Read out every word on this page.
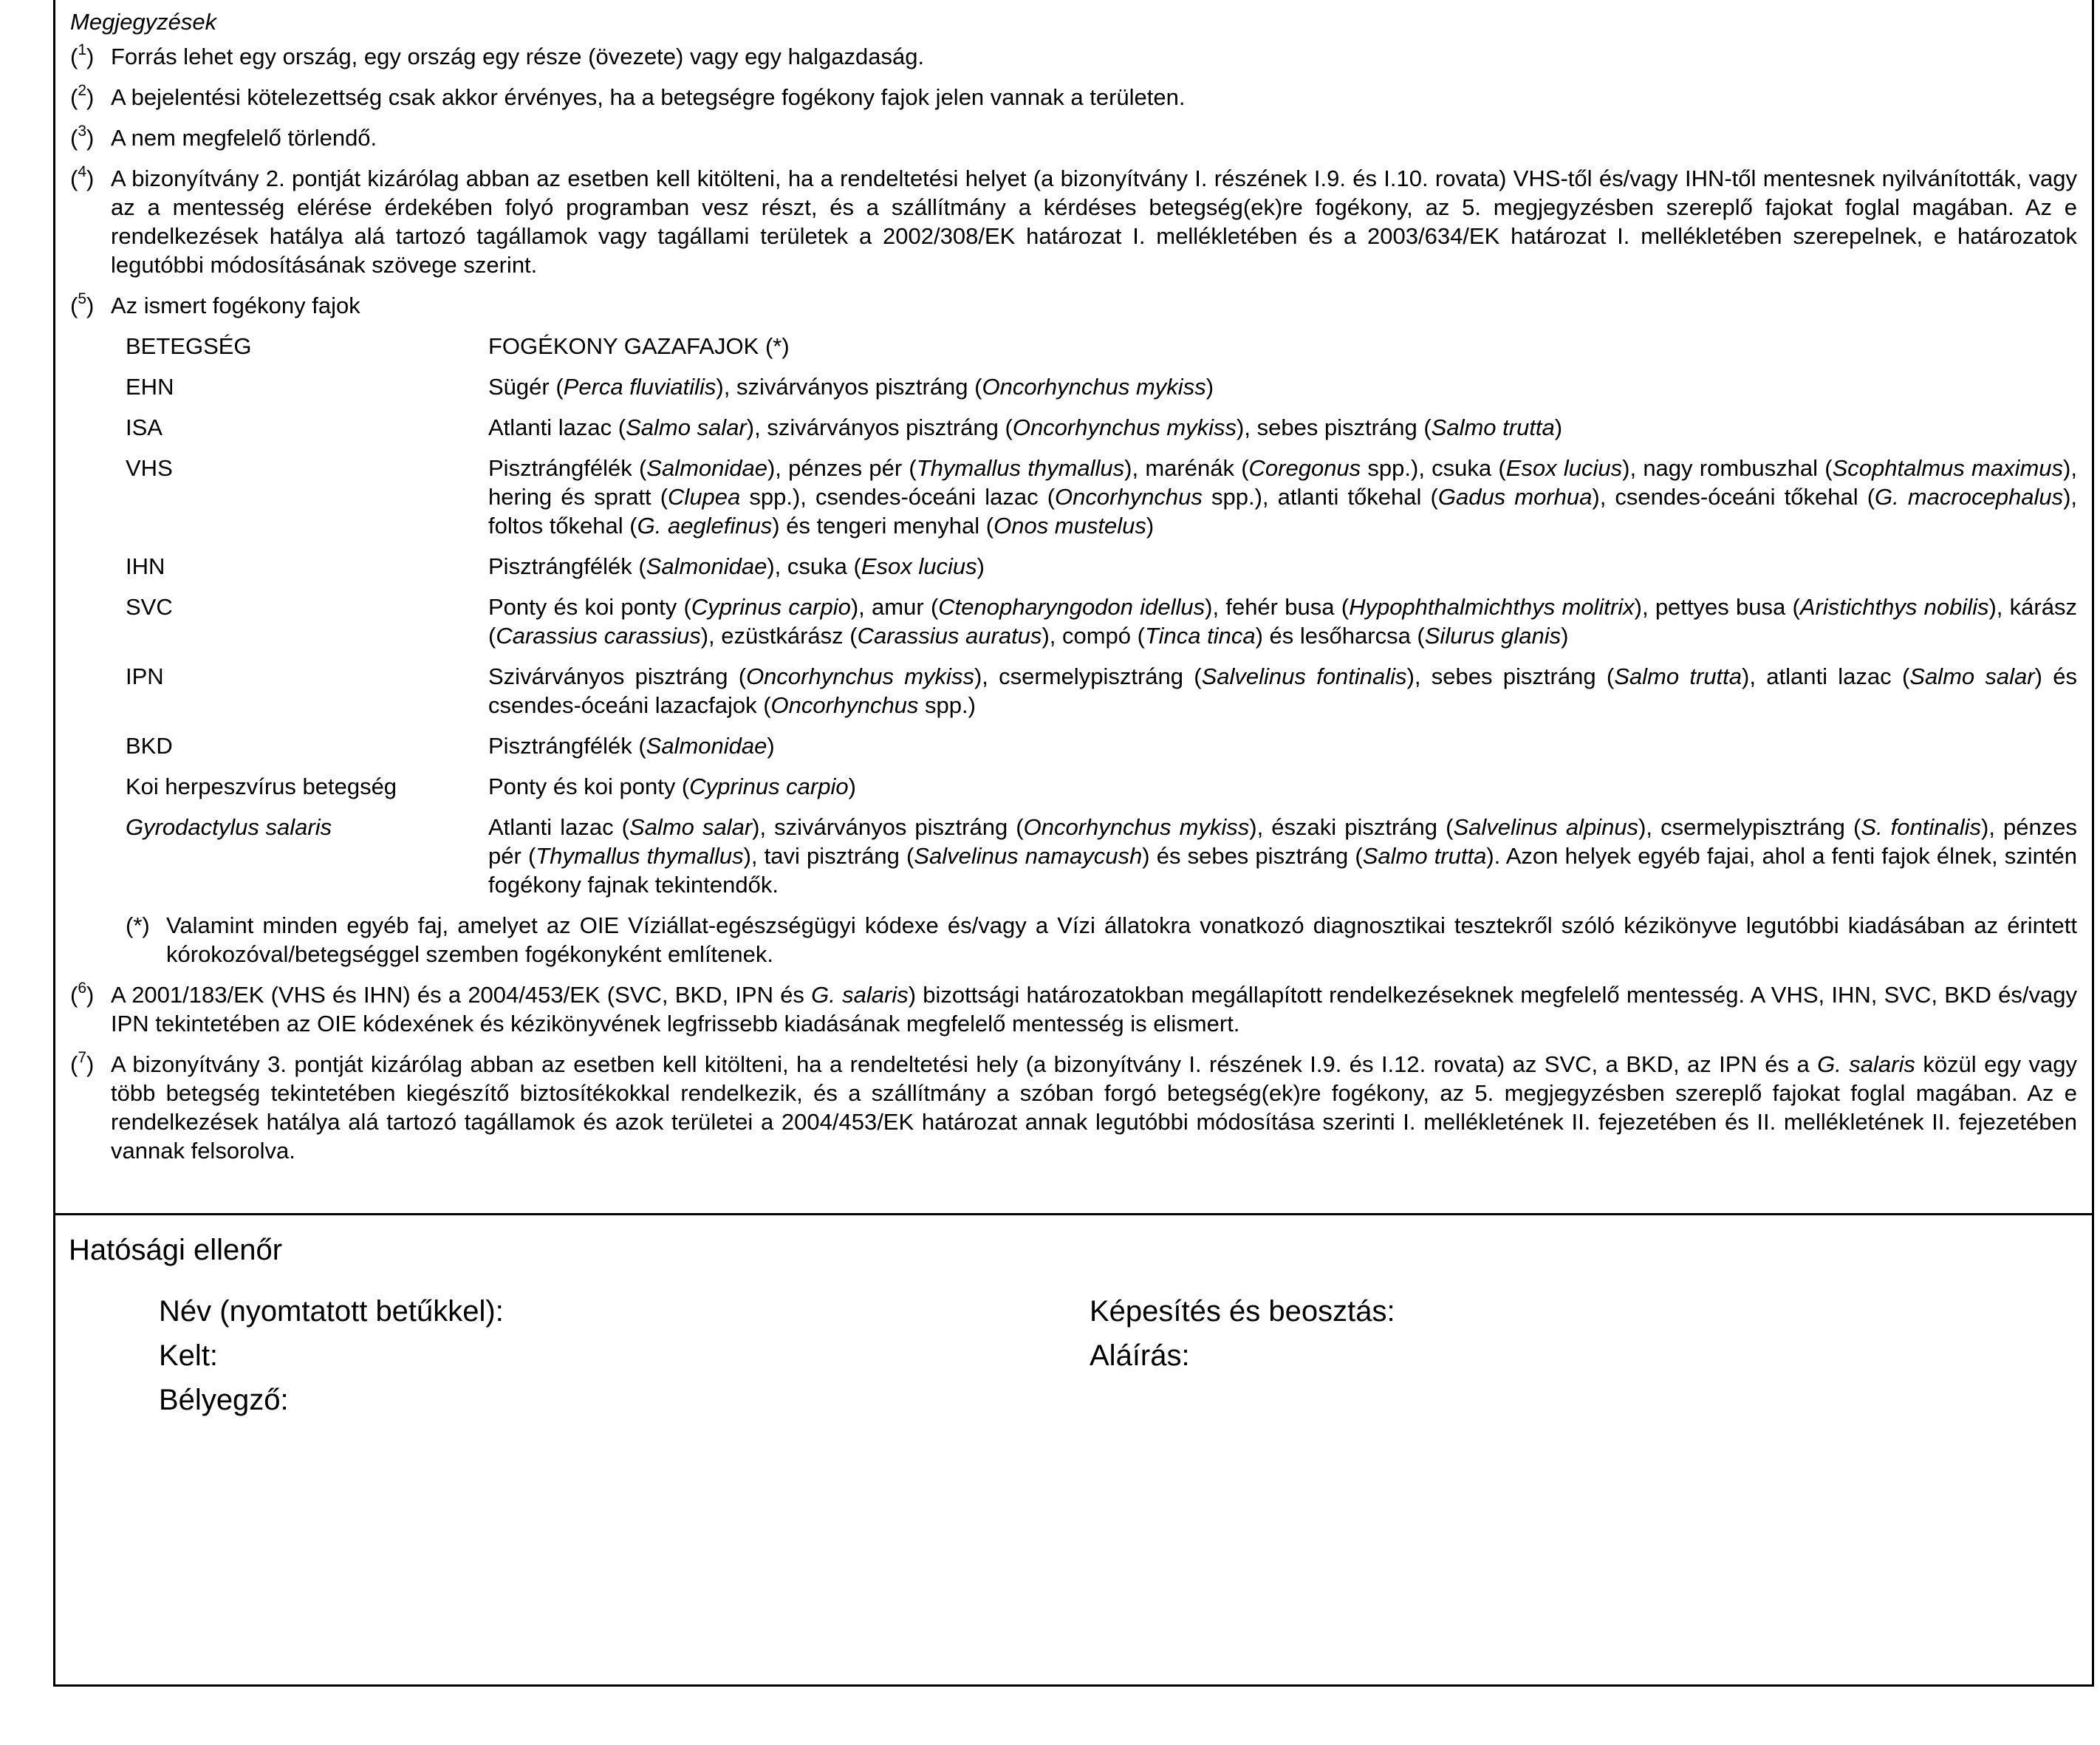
Megjegyzések
($^1$) Forrás lehet egy ország, egy ország egy része (övezete) vagy egy halgazdaság.
($^2$) A bejelentési kötelezettség csak akkor érvényes, ha a betegségre fogékony fajok jelen vannak a területen.
($^3$) A nem megfelelő törlendő.
($^4$) A bizonyítvány 2. pontját kizárólag abban az esetben kell kitölteni, ha a rendeltetési helyet (a bizonyítvány I. részének I.9. és I.10. rovata) VHS-től és/vagy IHN-től mentesnek nyilvánították, vagy az a mentesség elérése érdekében folyó programban vesz részt, és a szállítmány a kérdéses betegség(ek)re fogékony, az 5. megjegyzésben szereplő fajokat foglal magában. Az e rendelkezések hatálya alá tartozó tagállamok vagy tagállami területek a 2002/308/EK határozat I. mellékletében és a 2003/634/EK határozat I. mellékletében szerepelnek, e határozatok legutóbbi módosításának szövege szerint.
($^5$) Az ismert fogékony fajok
BETEGSÉG	FOGÉKONY GAZAFAJOK (*)
EHN	Sügér (Perca fluviatilis), szivárványos pisztráng (Oncorhynchus mykiss)
ISA	Atlanti lazac (Salmo salar), szivárványos pisztráng (Oncorhynchus mykiss), sebes pisztráng (Salmo trutta)
VHS	Pisztrángfélék (Salmonidae), pénzes pér (Thymallus thymallus), marénák (Coregonus spp.), csuka (Esox lucius), nagy rombuszhal (Scophtalmus maximus), hering és spratt (Clupea spp.), csendes-óceáni lazac (Oncorhynchus spp.), atlanti tőkehal (Gadus morhua), csendes-óceáni tőkehal (G. macrocephalus), foltos tőkehal (G. aeglefinus) és tengeri menyhal (Onos mustelus)
IHN	Pisztrángfélék (Salmonidae), csuka (Esox lucius)
SVC	Ponty és koi ponty (Cyprinus carpio), amur (Ctenopharyngodon idellus), fehér busa (Hypophthalmichthys molitrix), pettyes busa (Aristichthys nobilis), kárász (Carassius carassius), ezüstkárász (Carassius auratus), compó (Tinca tinca) és lesőharcsa (Silurus glanis)
IPN	Szivárványos pisztráng (Oncorhynchus mykiss), csermelypisztráng (Salvelinus fontinalis), sebes pisztráng (Salmo trutta), atlanti lazac (Salmo salar) és csendes-óceáni lazacfajok (Oncorhynchus spp.)
BKD	Pisztrángfélék (Salmonidae)
Koi herpeszvírus betegség	Ponty és koi ponty (Cyprinus carpio)
Gyrodactylus salaris	Atlanti lazac (Salmo salar), szivárványos pisztráng (Oncorhynchus mykiss), északi pisztráng (Salvelinus alpinus), csermelypisztráng (S. fontinalis), pénzes pér (Thymallus thymallus), tavi pisztráng (Salvelinus namaycush) és sebes pisztráng (Salmo trutta). Azon helyek egyéb fajai, ahol a fenti fajok élnek, szintén fogékony fajnak tekintendők.
(*) Valamint minden egyéb faj, amelyet az OIE Víziállat-egészségügyi kódexe és/vagy a Vízi állatokra vonatkozó diagnosztikai tesztekről szóló kézikönyve legutóbbi kiadásában az érintett kórokozóval/betegséggel szemben fogékonyként említenek.
($^6$) A 2001/183/EK (VHS és IHN) és a 2004/453/EK (SVC, BKD, IPN és G. salaris) bizottsági határozatokban megállapított rendelkezéseknek megfelelő mentesség. A VHS, IHN, SVC, BKD és/vagy IPN tekintetében az OIE kódexének és kézikönyvének legfrissebb kiadásának megfelelő mentesség is elismert.
($^7$) A bizonyítvány 3. pontját kizárólag abban az esetben kell kitölteni, ha a rendeltetési hely (a bizonyítvány I. részének I.9. és I.12. rovata) az SVC, a BKD, az IPN és a G. salaris közül egy vagy több betegség tekintetében kiegészítő biztosítékokkal rendelkezik, és a szállítmány a szóban forgó betegség(ek)re fogékony, az 5. megjegyzésben szereplő fajokat foglal magában. Az e rendelkezések hatálya alá tartozó tagállamok és azok területei a 2004/453/EK határozat annak legutóbbi módosítása szerinti I. mellékletének II. fejezetében és II. mellékletének II. fejezetében vannak felsorolva.
Hatósági ellenőr
Név (nyomtatott betűkkel):
Kelt:
Bélyegző:
Képesítés és beosztás:
Aláírás:
